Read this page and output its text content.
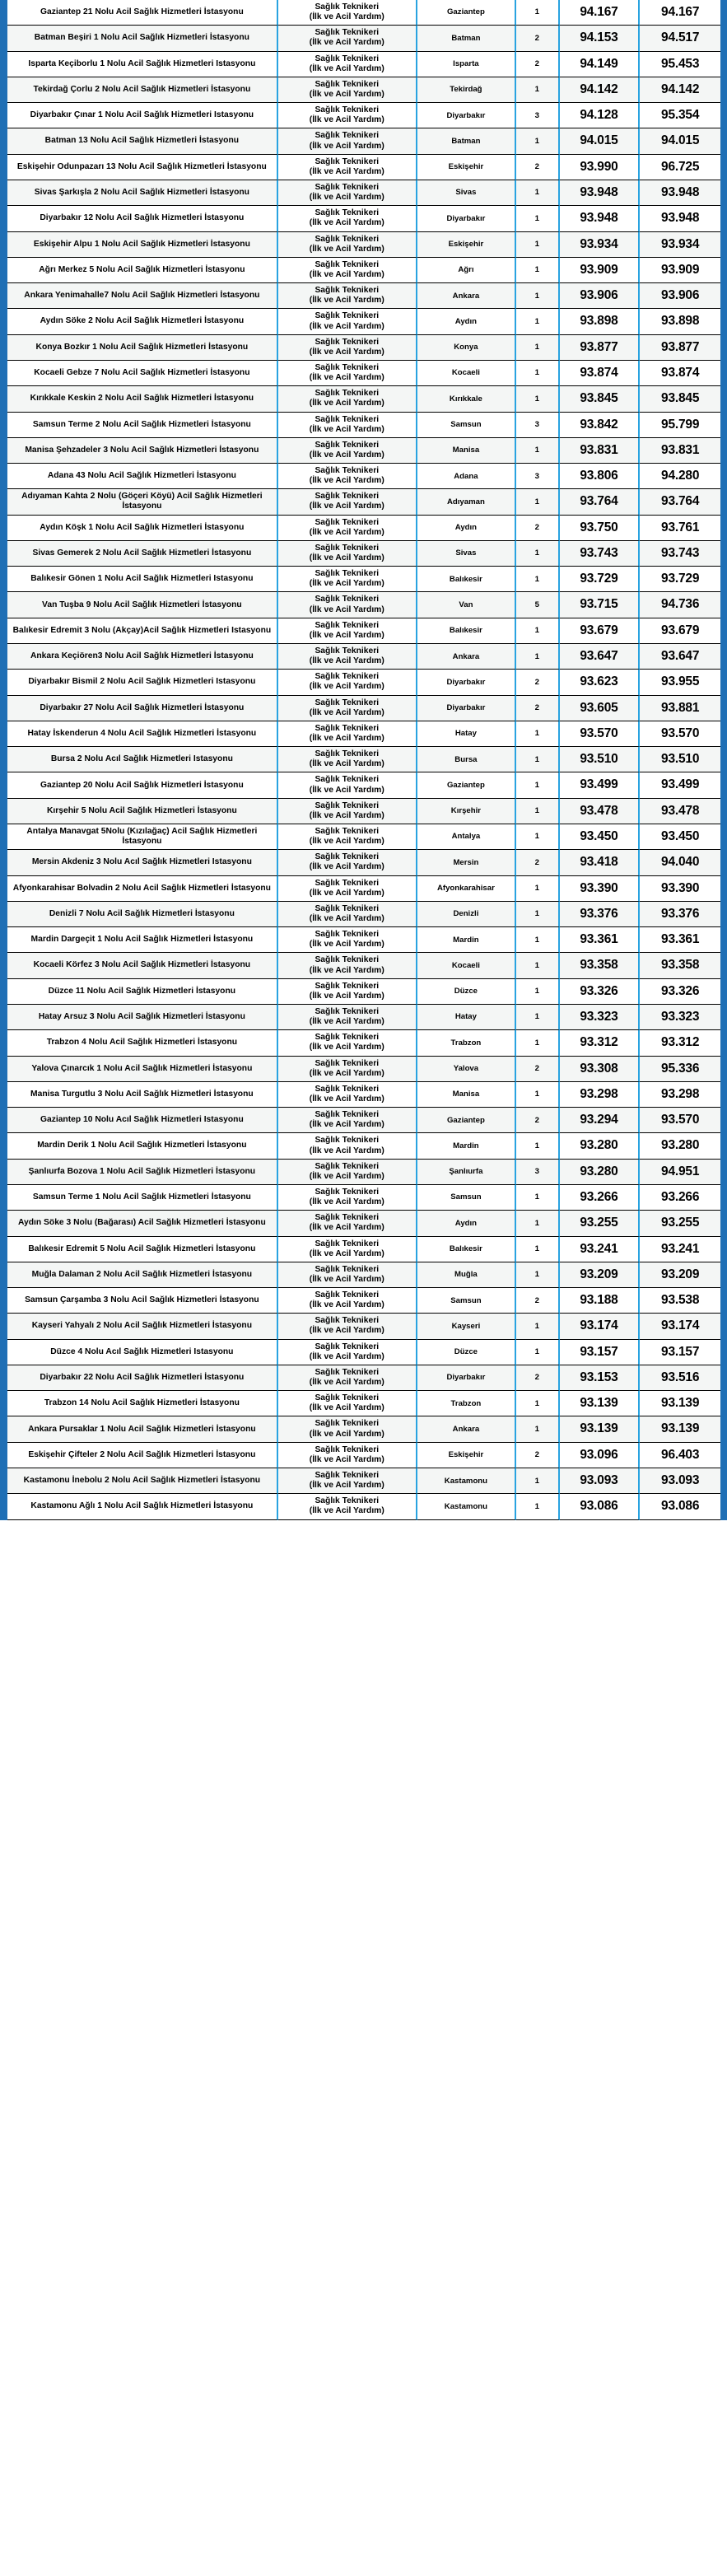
Gaziantep 21 Nolu Acil Sağlık Hizmetleri İstasyonu	Sağlık Teknikeri
(İlk ve Acil Yardım)	Gaziantep	1	94.167	94.167
Batman Beşiri 1 Nolu Acil Sağlık Hizmetleri İstasyonu	Sağlık Teknikeri
(İlk ve Acil Yardım)	Batman	2	94.153	94.517
Isparta Keçiborlu 1 Nolu Acil Sağlık Hizmetleri Istasyonu	Sağlık Teknikeri
(İlk ve Acil Yardım)	Isparta	2	94.149	95.453
Tekirdağ Çorlu 2 Nolu Acil Sağlık Hizmetleri İstasyonu	Sağlık Teknikeri
(İlk ve Acil Yardım)	Tekirdağ	1	94.142	94.142
Diyarbakır Çınar 1 Nolu Acil Sağlık Hizmetleri Istasyonu	Sağlık Teknikeri
(İlk ve Acil Yardım)	Diyarbakır	3	94.128	95.354
Batman 13 Nolu Acil Sağlık Hizmetleri İstasyonu	Sağlık Teknikeri
(İlk ve Acil Yardım)	Batman	1	94.015	94.015
Eskişehir Odunpazarı 13 Nolu Acil Sağlık Hizmetleri İstasyonu	Sağlık Teknikeri
(İlk ve Acil Yardım)	Eskişehir	2	93.990	96.725
Sivas Şarkışla 2 Nolu Acil Sağlık Hizmetleri İstasyonu	Sağlık Teknikeri
(İlk ve Acil Yardım)	Sivas	1	93.948	93.948
Diyarbakır 12 Nolu Acil Sağlık Hizmetleri İstasyonu	Sağlık Teknikeri
(İlk ve Acil Yardım)	Diyarbakır	1	93.948	93.948
Eskişehir Alpu 1 Nolu Acil Sağlık Hizmetleri İstasyonu	Sağlık Teknikeri
(İlk ve Acil Yardım)	Eskişehir	1	93.934	93.934
Ağrı Merkez 5 Nolu Acil Sağlık Hizmetleri İstasyonu	Sağlık Teknikeri
(İlk ve Acil Yardım)	Ağrı	1	93.909	93.909
Ankara Yenimahalle7 Nolu Acil Sağlık Hizmetleri İstasyonu	Sağlık Teknikeri
(İlk ve Acil Yardım)	Ankara	1	93.906	93.906
Aydın Söke 2 Nolu Acil Sağlık Hizmetleri İstasyonu	Sağlık Teknikeri
(İlk ve Acil Yardım)	Aydın	1	93.898	93.898
Konya Bozkır 1 Nolu Acil Sağlık Hizmetleri İstasyonu	Sağlık Teknikeri
(İlk ve Acil Yardım)	Konya	1	93.877	93.877
Kocaeli Gebze 7 Nolu Acil Sağlık Hizmetleri İstasyonu	Sağlık Teknikeri
(İlk ve Acil Yardım)	Kocaeli	1	93.874	93.874
Kırıkkale Keskin 2 Nolu Acil Sağlık Hizmetleri İstasyonu	Sağlık Teknikeri
(İlk ve Acil Yardım)	Kırıkkale	1	93.845	93.845
Samsun Terme 2 Nolu Acil Sağlık Hizmetleri İstasyonu	Sağlık Teknikeri
(İlk ve Acil Yardım)	Samsun	3	93.842	95.799
Manisa Şehzadeler 3 Nolu Acil Sağlık Hizmetleri İstasyonu	Sağlık Teknikeri
(İlk ve Acil Yardım)	Manisa	1	93.831	93.831
Adana 43 Nolu Acil Sağlık Hizmetleri İstasyonu	Sağlık Teknikeri
(İlk ve Acil Yardım)	Adana	3	93.806	94.280
Adıyaman Kahta 2 Nolu (Göçeri Köyü) Acil Sağlık Hizmetleri İstasyonu	Sağlık Teknikeri
(İlk ve Acil Yardım)	Adıyaman	1	93.764	93.764
Aydın Köşk 1 Nolu Acil Sağlık Hizmetleri İstasyonu	Sağlık Teknikeri
(İlk ve Acil Yardım)	Aydın	2	93.750	93.761
Sivas Gemerek 2 Nolu Acil Sağlık Hizmetleri İstasyonu	Sağlık Teknikeri
(İlk ve Acil Yardım)	Sivas	1	93.743	93.743
Balıkesir Gönen 1 Nolu Acil Sağlık Hizmetleri Istasyonu	Sağlık Teknikeri
(İlk ve Acil Yardım)	Balıkesir	1	93.729	93.729
Van Tuşba 9 Nolu Acil Sağlık Hizmetleri İstasyonu	Sağlık Teknikeri
(İlk ve Acil Yardım)	Van	5	93.715	94.736
Balıkesir Edremit 3 Nolu (Akçay)Acil Sağlık Hizmetleri Istasyonu	Sağlık Teknikeri
(İlk ve Acil Yardım)	Balıkesir	1	93.679	93.679
Ankara Keçiören3 Nolu Acil Sağlık Hizmetleri İstasyonu	Sağlık Teknikeri
(İlk ve Acil Yardım)	Ankara	1	93.647	93.647
Diyarbakır Bismil 2 Nolu Acil Sağlık Hizmetleri Istasyonu	Sağlık Teknikeri
(İlk ve Acil Yardım)	Diyarbakır	2	93.623	93.955
Diyarbakır 27 Nolu Acil Sağlık Hizmetleri İstasyonu	Sağlık Teknikeri
(İlk ve Acil Yardım)	Diyarbakır	2	93.605	93.881
Hatay İskenderun 4 Nolu Acil Sağlık Hizmetleri İstasyonu	Sağlık Teknikeri
(İlk ve Acil Yardım)	Hatay	1	93.570	93.570
Bursa 2 Nolu Acıl Sağlık Hizmetleri Istasyonu	Sağlık Teknikeri
(İlk ve Acil Yardım)	Bursa	1	93.510	93.510
Gaziantep 20 Nolu Acil Sağlık Hizmetleri İstasyonu	Sağlık Teknikeri
(İlk ve Acil Yardım)	Gaziantep	1	93.499	93.499
Kırşehir 5 Nolu Acil Sağlık Hizmetleri İstasyonu	Sağlık Teknikeri
(İlk ve Acil Yardım)	Kırşehir	1	93.478	93.478
Antalya Manavgat 5Nolu (Kızılağaç) Acil Sağlık Hizmetleri İstasyonu	Sağlık Teknikeri
(İlk ve Acil Yardım)	Antalya	1	93.450	93.450
Mersin Akdeniz 3 Nolu Acıl Sağlık Hizmetleri Istasyonu	Sağlık Teknikeri
(İlk ve Acil Yardım)	Mersin	2	93.418	94.040
Afyonkarahisar Bolvadin 2 Nolu Acil Sağlık Hizmetleri İstasyonu	Sağlık Teknikeri
(İlk ve Acil Yardım)	Afyonkarahisar	1	93.390	93.390
Denizli 7 Nolu Acil Sağlık Hizmetleri İstasyonu	Sağlık Teknikeri
(İlk ve Acil Yardım)	Denizli	1	93.376	93.376
Mardin Dargeçit 1 Nolu Acil Sağlık Hizmetleri İstasyonu	Sağlık Teknikeri
(İlk ve Acil Yardım)	Mardin	1	93.361	93.361
Kocaeli Körfez 3 Nolu Acil Sağlık Hizmetleri İstasyonu	Sağlık Teknikeri
(İlk ve Acil Yardım)	Kocaeli	1	93.358	93.358
Düzce 11 Nolu Acil Sağlık Hizmetleri İstasyonu	Sağlık Teknikeri
(İlk ve Acil Yardım)	Düzce	1	93.326	93.326
Hatay Arsuz 3 Nolu Acil Sağlık Hizmetleri İstasyonu	Sağlık Teknikeri
(İlk ve Acil Yardım)	Hatay	1	93.323	93.323
Trabzon 4 Nolu Acil Sağlık Hizmetleri İstasyonu	Sağlık Teknikeri
(İlk ve Acil Yardım)	Trabzon	1	93.312	93.312
Yalova Çınarcık 1 Nolu Acil Sağlık Hizmetleri İstasyonu	Sağlık Teknikeri
(İlk ve Acil Yardım)	Yalova	2	93.308	95.336
Manisa Turgutlu 3 Nolu Acil Sağlık Hizmetleri İstasyonu	Sağlık Teknikeri
(İlk ve Acil Yardım)	Manisa	1	93.298	93.298
Gaziantep 10 Nolu Acıl Sağlık Hizmetleri Istasyonu	Sağlık Teknikeri
(İlk ve Acil Yardım)	Gaziantep	2	93.294	93.570
Mardin Derik 1 Nolu Acil Sağlık Hizmetleri İstasyonu	Sağlık Teknikeri
(İlk ve Acil Yardım)	Mardin	1	93.280	93.280
Şanlıurfa Bozova 1 Nolu Acil Sağlık Hizmetleri İstasyonu	Sağlık Teknikeri
(İlk ve Acil Yardım)	Şanlıurfa	3	93.280	94.951
Samsun Terme 1 Nolu Acil Sağlık Hizmetleri İstasyonu	Sağlık Teknikeri
(İlk ve Acil Yardım)	Samsun	1	93.266	93.266
Aydın Söke 3 Nolu (Bağarası) Acil Sağlık Hizmetleri İstasyonu	Sağlık Teknikeri
(İlk ve Acil Yardım)	Aydın	1	93.255	93.255
Balıkesir Edremit 5 Nolu Acil Sağlık Hizmetleri İstasyonu	Sağlık Teknikeri
(İlk ve Acil Yardım)	Balıkesir	1	93.241	93.241
Muğla Dalaman 2 Nolu Acil Sağlık Hizmetleri İstasyonu	Sağlık Teknikeri
(İlk ve Acil Yardım)	Muğla	1	93.209	93.209
Samsun Çarşamba 3 Nolu Acil Sağlık Hizmetleri İstasyonu	Sağlık Teknikeri
(İlk ve Acil Yardım)	Samsun	2	93.188	93.538
Kayseri Yahyalı 2 Nolu Acil Sağlık Hizmetleri İstasyonu	Sağlık Teknikeri
(İlk ve Acil Yardım)	Kayseri	1	93.174	93.174
Düzce 4 Nolu Acıl Sağlık Hizmetleri Istasyonu	Sağlık Teknikeri
(İlk ve Acil Yardım)	Düzce	1	93.157	93.157
Diyarbakır 22 Nolu Acil Sağlık Hizmetleri İstasyonu	Sağlık Teknikeri
(İlk ve Acil Yardım)	Diyarbakır	2	93.153	93.516
Trabzon 14 Nolu Acil Sağlık Hizmetleri İstasyonu	Sağlık Teknikeri
(İlk ve Acil Yardım)	Trabzon	1	93.139	93.139
Ankara Pursaklar 1 Nolu Acil Sağlık Hizmetleri İstasyonu	Sağlık Teknikeri
(İlk ve Acil Yardım)	Ankara	1	93.139	93.139
Eskişehir Çifteler 2 Nolu Acil Sağlık Hizmetleri İstasyonu	Sağlık Teknikeri
(İlk ve Acil Yardım)	Eskişehir	2	93.096	96.403
Kastamonu İnebolu 2 Nolu Acil Sağlık Hizmetleri İstasyonu	Sağlık Teknikeri
(İlk ve Acil Yardım)	Kastamonu	1	93.093	93.093
Kastamonu Ağlı 1 Nolu Acil Sağlık Hizmetleri İstasyonu	Sağlık Teknikeri
(İlk ve Acil Yardım)	Kastamonu	1	93.086	93.086
